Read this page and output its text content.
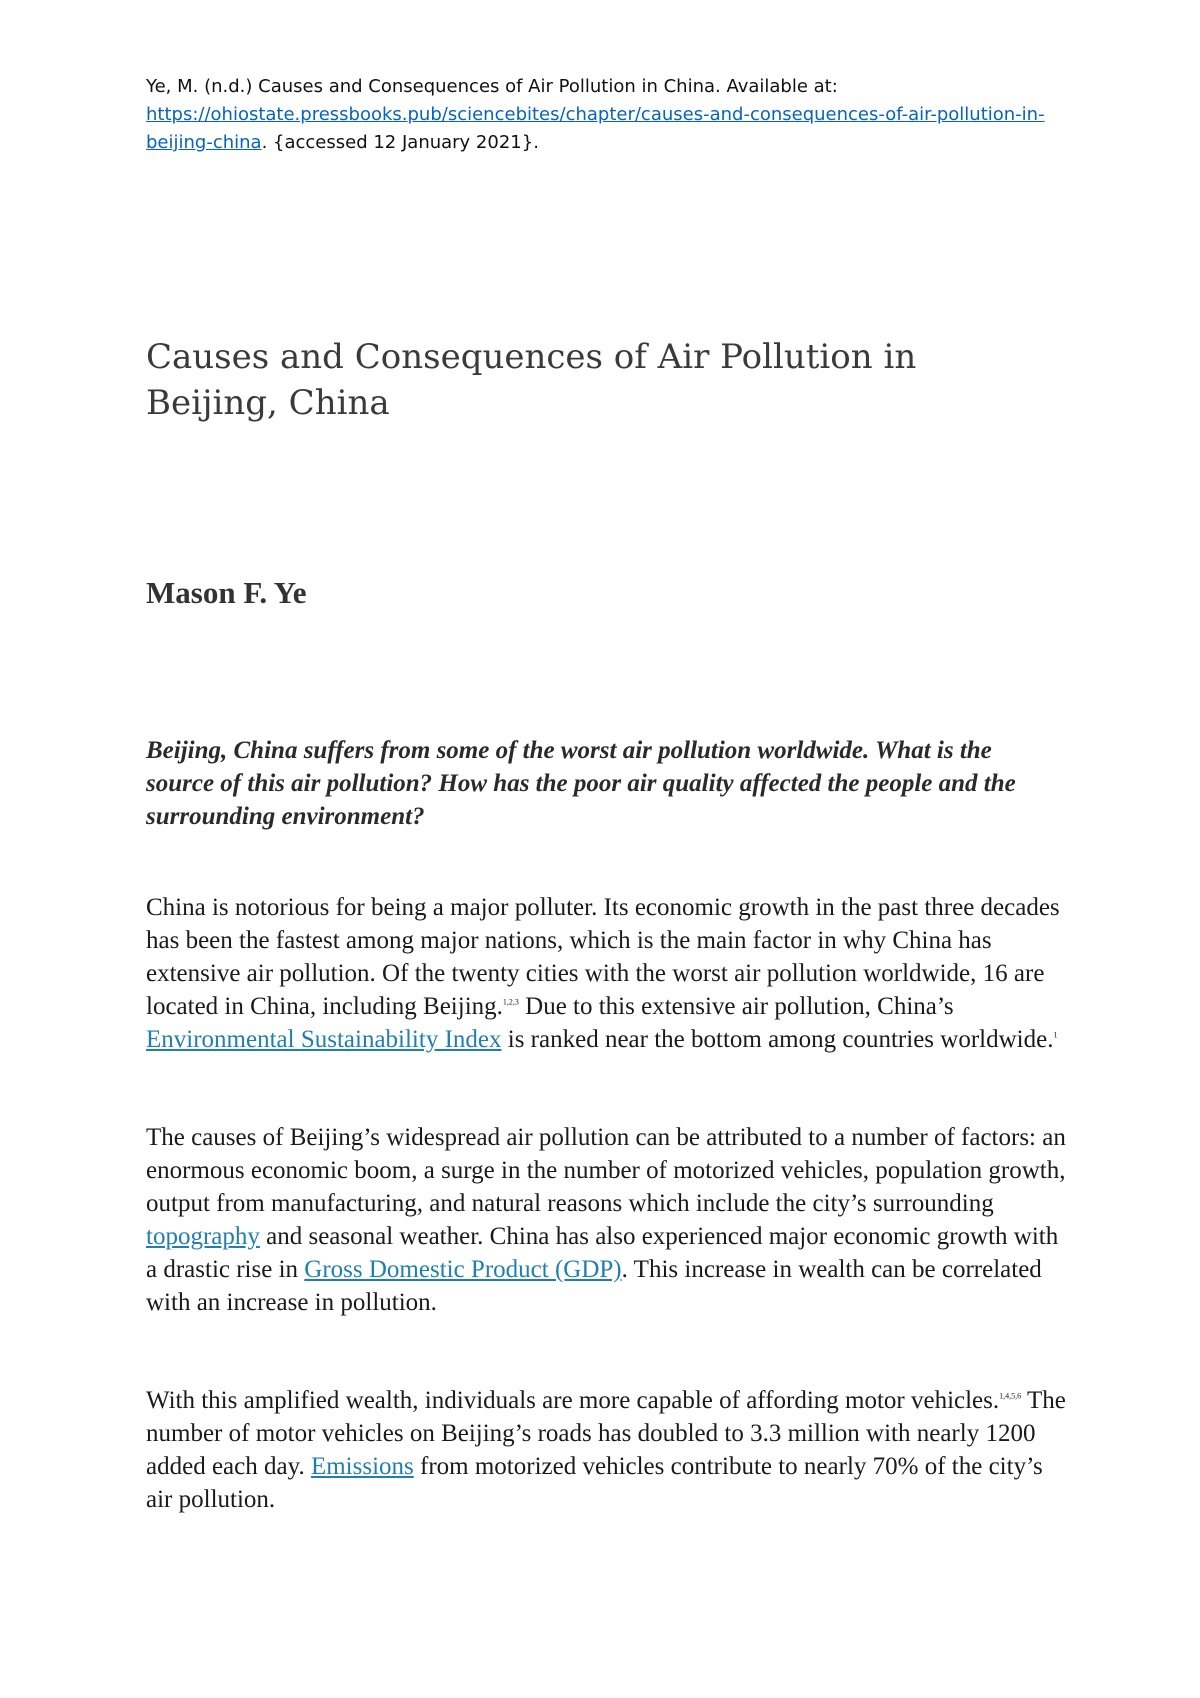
Ye, M. (n.d.) Causes and Consequences of Air Pollution in China. Available at: https://ohiostate.pressbooks.pub/sciencebites/chapter/causes-and-consequences-of-air-pollution-in-beijing-china. {accessed 12 January 2021}.
Causes and Consequences of Air Pollution in Beijing, China
Mason F. Ye

Beijing, China suffers from some of the worst air pollution worldwide. What is the source of this air pollution? How has the poor air quality affected the people and the surrounding environment?

China is notorious for being a major polluter. Its economic growth in the past three decades has been the fastest among major nations, which is the main factor in why China has extensive air pollution. Of the twenty cities with the worst air pollution worldwide, 16 are located in China, including Beijing.$^{1,2,3}$ Due to this extensive air pollution, China’s Environmental Sustainability Index is ranked near the bottom among countries worldwide.$^1$

The causes of Beijing’s widespread air pollution can be attributed to a number of factors: an enormous economic boom, a surge in the number of motorized vehicles, population growth, output from manufacturing, and natural reasons which include the city’s surrounding topography and seasonal weather. China has also experienced major economic growth with a drastic rise in Gross Domestic Product (GDP). This increase in wealth can be correlated with an increase in pollution.

With this amplified wealth, individuals are more capable of affording motor vehicles.$^{1,4,5,6}$ The number of motor vehicles on Beijing’s roads has doubled to 3.3 million with nearly 1200 added each day. Emissions from motorized vehicles contribute to nearly 70% of the city’s air pollution.
